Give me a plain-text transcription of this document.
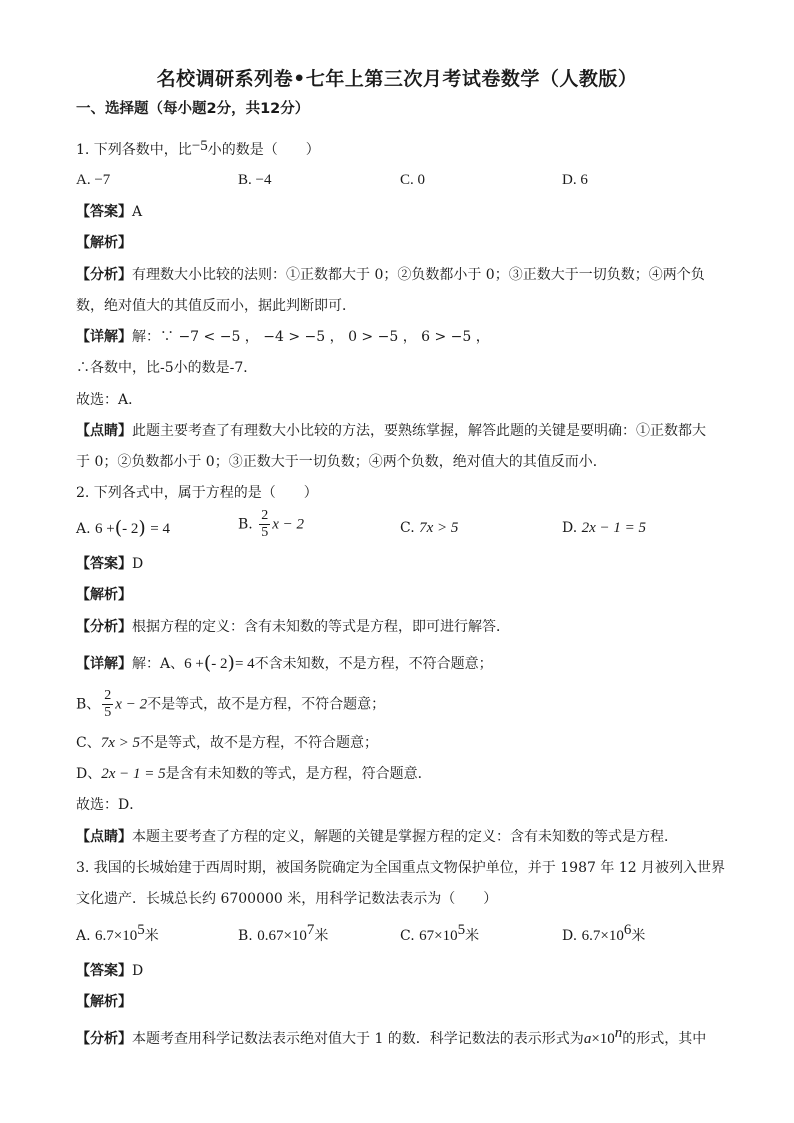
名校调研系列卷•七年上第三次月考试卷数学（人教版）
一、选择题（每小题2分，共12分）
1. 下列各数中，比−5小的数是（　　）
A. −7	B. −4	C. 0	D. 6
【答案】A
【解析】
【分析】有理数大小比较的法则：①正数都大于 0；②负数都小于 0；③正数大于一切负数；④两个负
数，绝对值大的其值反而小，据此判断即可．
【详解】解：∵ −7 < −5 ， −4 > −5 ， 0 > −5 ， 6 > −5 ，
∴各数中，比-5小的数是-7．
故选：A．
【点睛】此题主要考查了有理数大小比较的方法，要熟练掌握，解答此题的关键是要明确：①正数都大
于 0；②负数都小于 0；③正数大于一切负数；④两个负数，绝对值大的其值反而小．
2. 下列各式中，属于方程的是（　　）
A. 6 +(- 2) = 4	B. $\frac{2}{5}$ x − 2	C. 7x > 5	D. 2x − 1 = 5
【答案】D
【解析】
【分析】根据方程的定义：含有未知数的等式是方程，即可进行解答．
【详解】解：A、6 +(- 2)= 4不含未知数，不是方程，不符合题意；
B、 $\frac{2}{5}$ x − 2不是等式，故不是方程，不符合题意；
C、7x > 5不是等式，故不是方程，不符合题意；
D、2x − 1 = 5是含有未知数的等式，是方程，符合题意．
故选：D．
【点睛】本题主要考查了方程的定义，解题的关键是掌握方程的定义：含有未知数的等式是方程．
3. 我国的长城始建于西周时期，被国务院确定为全国重点文物保护单位，并于 1987 年 12 月被列入世界
文化遗产．长城总长约 6700000 米，用科学记数法表示为（　　）
A. $6.7\times 10^5$米	B. $0.67\times 10^7$米	C. $67\times 10^5$米	D. $6.7\times 10^6$米
【答案】D
【解析】
【分析】本题考查用科学记数法表示绝对值大于 1 的数．科学记数法的表示形式为$a\times 10^n$的形式，其中
